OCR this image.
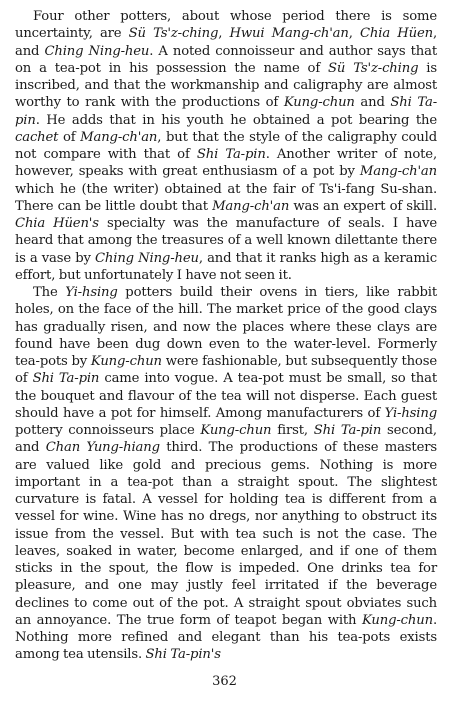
Four other potters, about whose period there is some uncertainty, are Sü Ts'z-ching, Hwui Mang-ch'an, Chia Hüen, and Ching Ning-heu. A noted connoisseur and author says that on a tea-pot in his possession the name of Sü Ts'z-ching is inscribed, and that the workmanship and caligraphy are almost worthy to rank with the productions of Kung-chun and Shi Ta-pin. He adds that in his youth he obtained a pot bearing the cachet of Mang-ch'an, but that the style of the caligraphy could not compare with that of Shi Ta-pin. Another writer of note, however, speaks with great enthusiasm of a pot by Mang-ch'an which he (the writer) obtained at the fair of Ts'i-fang Su-shan. There can be little doubt that Mang-ch'an was an expert of skill. Chia Hüen's specialty was the manufacture of seals. I have heard that among the treasures of a well known dilettante there is a vase by Ching Ning-heu, and that it ranks high as a keramic effort, but unfortunately I have not seen it.

The Yi-hsing potters build their ovens in tiers, like rabbit holes, on the face of the hill. The market price of the good clays has gradually risen, and now the places where these clays are found have been dug down even to the water-level. Formerly tea-pots by Kung-chun were fashionable, but subsequently those of Shi Ta-pin came into vogue. A tea-pot must be small, so that the bouquet and flavour of the tea will not disperse. Each guest should have a pot for himself. Among manufacturers of Yi-hsing pottery connoisseurs place Kung-chun first, Shi Ta-pin second, and Chan Yung-hiang third. The productions of these masters are valued like gold and precious gems. Nothing is more important in a tea-pot than a straight spout. The slightest curvature is fatal. A vessel for holding tea is different from a vessel for wine. Wine has no dregs, nor anything to obstruct its issue from the vessel. But with tea such is not the case. The leaves, soaked in water, become enlarged, and if one of them sticks in the spout, the flow is impeded. One drinks tea for pleasure, and one may justly feel irritated if the beverage declines to come out of the pot. A straight spout obviates such an annoyance. The true form of teapot began with Kung-chun. Nothing more refined and elegant than his tea-pots exists among tea utensils. Shi Ta-pin's

362
